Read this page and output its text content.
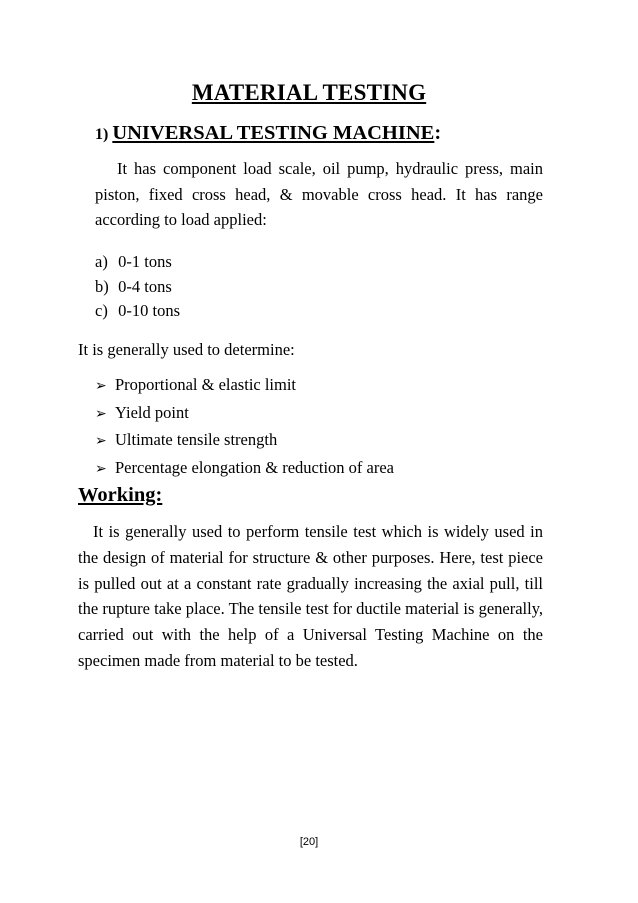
MATERIAL TESTING
1) UNIVERSAL TESTING MACHINE:

It has component load scale, oil pump, hydraulic press, main piston, fixed cross head, & movable cross head. It has range according to load applied:

a) 0-1 tons
b) 0-4 tons
c) 0-10 tons

It is generally used to determine:

➢ Proportional & elastic limit
➢ Yield point
➢ Ultimate tensile strength
➢ Percentage elongation & reduction of area
Working:

It is generally used to perform tensile test which is widely used in the design of material for structure & other purposes. Here, test piece is pulled out at a constant rate gradually increasing the axial pull, till the rupture take place. The tensile test for ductile material is generally, carried out with the help of a Universal Testing Machine on the specimen made from material to be tested.

[20]
